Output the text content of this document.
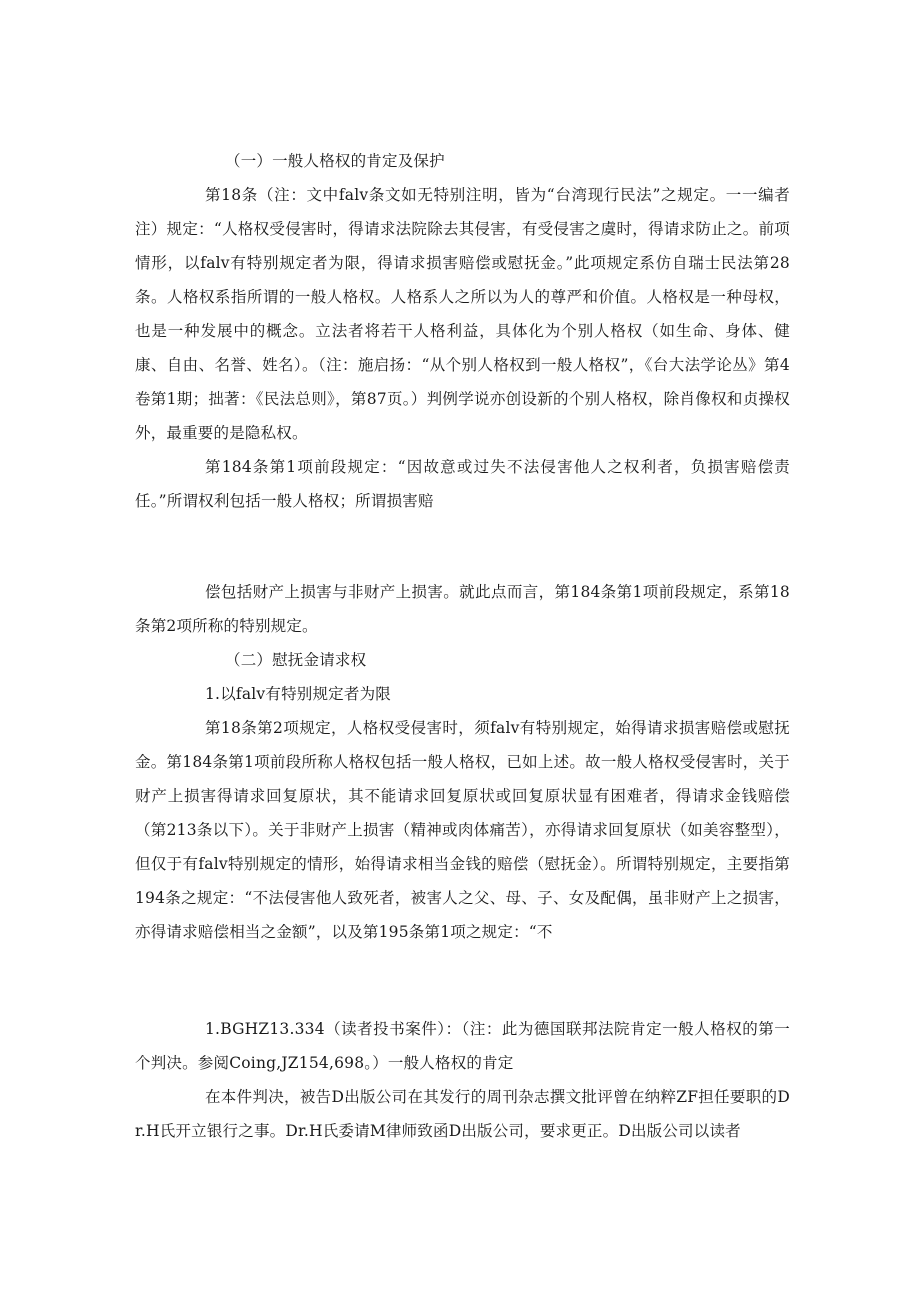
（一）一般人格权的肯定及保护

第18条（注：文中falv条文如无特别注明，皆为“台湾现行民法”之规定。一一编者注）规定：“人格权受侵害时，得请求法院除去其侵害，有受侵害之虞时，得请求防止之。前项情形，以falv有特别规定者为限，得请求损害赔偿或慰抚金。”此项规定系仿自瑞士民法第28条。人格权系指所谓的一般人格权。人格系人之所以为人的尊严和价值。人格权是一种母权，也是一种发展中的概念。立法者将若干人格利益，具体化为个别人格权（如生命、身体、健康、自由、名誉、姓名）。（注：施启扬：“从个别人格权到一般人格权”，《台大法学论丛》第4卷第1期；拙著：《民法总则》，第87页。）判例学说亦创设新的个别人格权，除肖像权和贞操权外，最重要的是隐私权。

第184条第1项前段规定：“因故意或过失不法侵害他人之权利者，负损害赔偿责任。”所谓权利包括一般人格权；所谓损害赔

偿包括财产上损害与非财产上损害。就此点而言，第184条第1项前段规定，系第18条第2项所称的特别规定。

（二）慰抚金请求权

1.以falv有特别规定者为限

第18条第2项规定，人格权受侵害时，须falv有特别规定，始得请求损害赔偿或慰抚金。第184条第1项前段所称人格权包括一般人格权，已如上述。故一般人格权受侵害时，关于财产上损害得请求回复原状，其不能请求回复原状或回复原状显有困难者，得请求金钱赔偿（第213条以下）。关于非财产上损害（精神或肉体痛苦），亦得请求回复原状（如美容整型），但仅于有falv特别规定的情形，始得请求相当金钱的赔偿（慰抚金）。所谓特别规定，主要指第194条之规定：“不法侵害他人致死者，被害人之父、母、子、女及配偶，虽非财产上之损害，亦得请求赔偿相当之金额”，以及第195条第1项之规定：“不

1.BGHZ13.334（读者投书案件）：（注：此为德国联邦法院肯定一般人格权的第一个判决。参阅Coing,JZ154,698。）一般人格权的肯定

在本件判决，被告D出版公司在其发行的周刊杂志撰文批评曾在纳粹ZF担任要职的Dr.H氏开立银行之事。Dr.H氏委请M律师致函D出版公司，要求更正。D出版公司以读者
